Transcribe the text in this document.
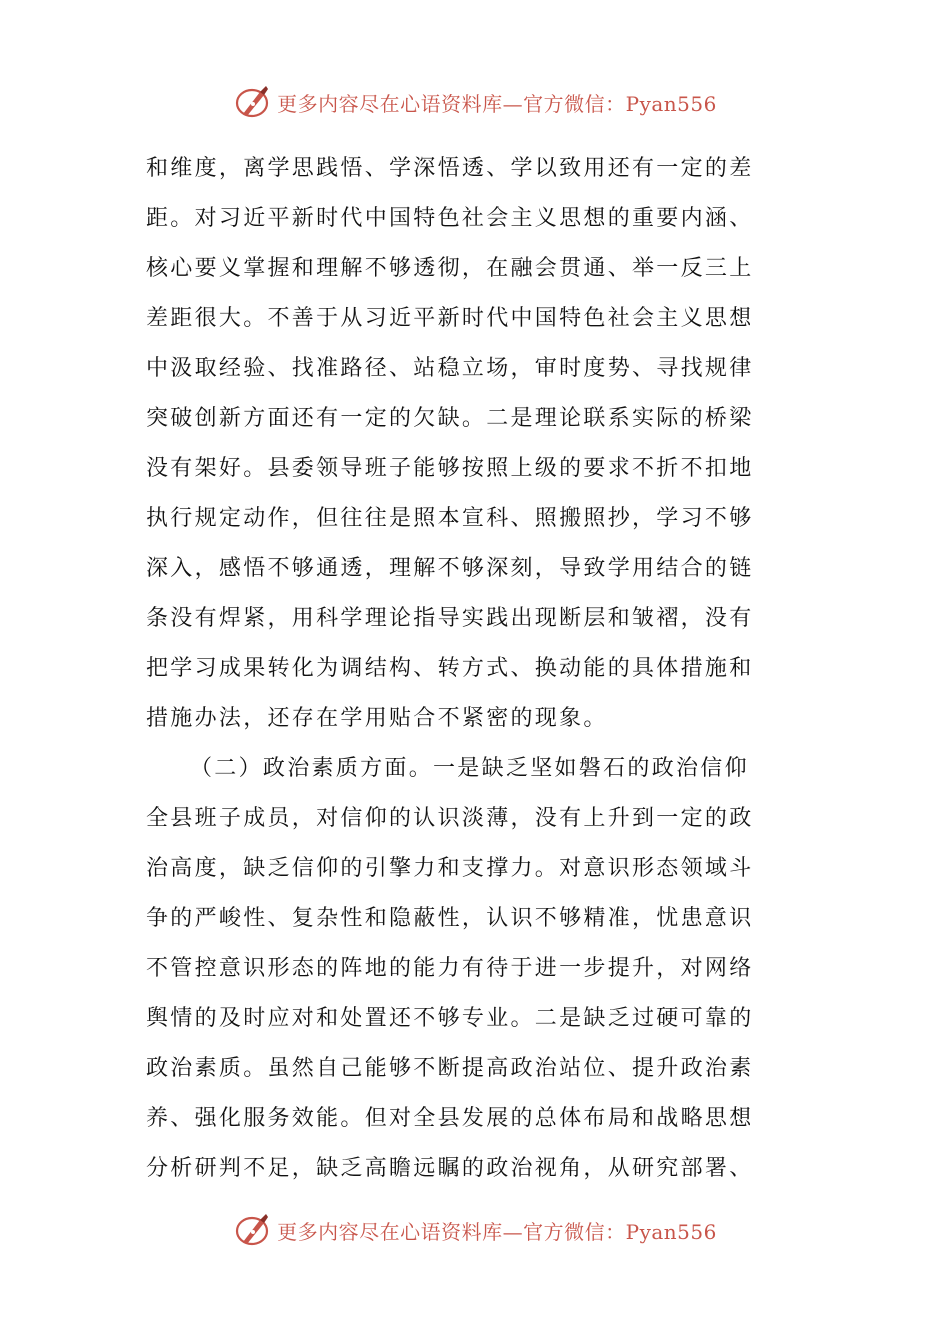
更多内容尽在心语资料库—官方微信：Pyan556
和维度，离学思践悟、学深悟透、学以致用还有一定的差
距。对习近平新时代中国特色社会主义思想的重要内涵、
核心要义掌握和理解不够透彻，在融会贯通、举一反三上
差距很大。不善于从习近平新时代中国特色社会主义思想
中汲取经验、找准路径、站稳立场，审时度势、寻找规律
突破创新方面还有一定的欠缺。二是理论联系实际的桥梁
没有架好。县委领导班子能够按照上级的要求不折不扣地
执行规定动作，但往往是照本宣科、照搬照抄，学习不够
深入，感悟不够通透，理解不够深刻，导致学用结合的链
条没有焊紧，用科学理论指导实践出现断层和皱褶，没有
把学习成果转化为调结构、转方式、换动能的具体措施和
措施办法，还存在学用贴合不紧密的现象。
（二）政治素质方面。一是缺乏坚如磐石的政治信仰
全县班子成员，对信仰的认识淡薄，没有上升到一定的政
治高度，缺乏信仰的引擎力和支撑力。对意识形态领域斗
争的严峻性、复杂性和隐蔽性，认识不够精准，忧患意识
不管控意识形态的阵地的能力有待于进一步提升，对网络
舆情的及时应对和处置还不够专业。二是缺乏过硬可靠的
政治素质。虽然自己能够不断提高政治站位、提升政治素
养、强化服务效能。但对全县发展的总体布局和战略思想
分析研判不足，缺乏高瞻远瞩的政治视角，从研究部署、
更多内容尽在心语资料库—官方微信：Pyan556
